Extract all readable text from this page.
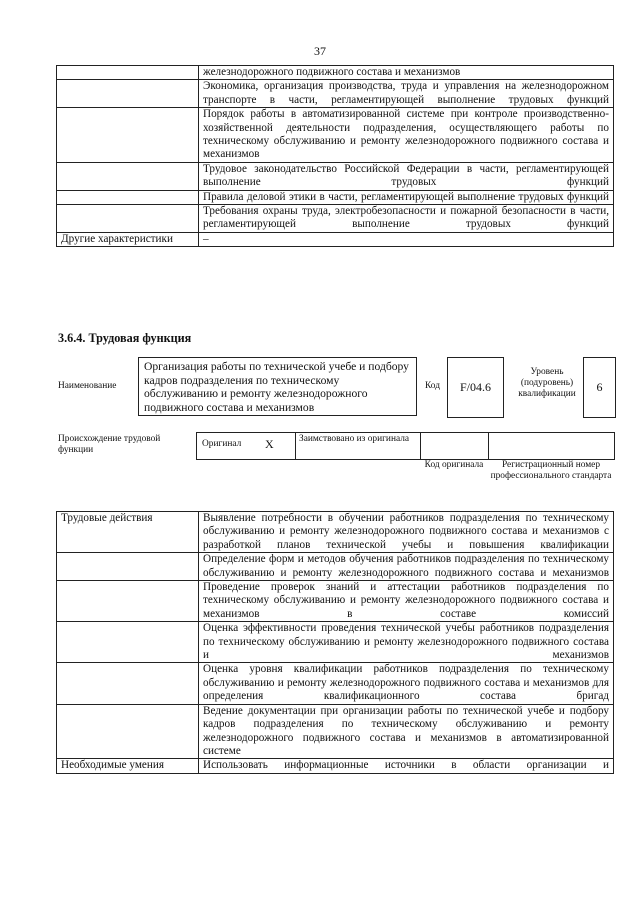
37
	железнодорожного подвижного состава и механизмов
	Экономика, организация производства, труда и управления на железнодорожном транспорте в части, регламентирующей выполнение трудовых функций
	Порядок работы в автоматизированной системе при контроле производственно-хозяйственной деятельности подразделения, осуществляющего работы по техническому обслуживанию и ремонту железнодорожного подвижного состава и механизмов
	Трудовое законодательство Российской Федерации в части, регламентирующей выполнение трудовых функций
	Правила деловой этики в части, регламентирующей выполнение трудовых функций
	Требования охраны труда, электробезопасности и пожарной безопасности в части, регламентирующей выполнение трудовых функций
Другие характеристики	–
3.6.4. Трудовая функция
Наименование
Организация работы по технической учебе и подбору кадров подразделения по техническому обслуживанию и ремонту железнодорожного подвижного состава и механизмов
Код	F/04.6
Уровень (подуровень) квалификации	6
Происхождение трудовой функции
Оригинал X	Заимствовано из оригинала
Код оригинала	Регистрационный номер профессионального стандарта
Трудовые действия	Выявление потребности в обучении работников подразделения по техническому обслуживанию и ремонту железнодорожного подвижного состава и механизмов с разработкой планов технической учебы и повышения квалификации
	Определение форм и методов обучения работников подразделения по техническому обслуживанию и ремонту железнодорожного подвижного состава и механизмов
	Проведение проверок знаний и аттестации работников подразделения по техническому обслуживанию и ремонту железнодорожного подвижного состава и механизмов в составе комиссий
	Оценка эффективности проведения технической учебы работников подразделения по техническому обслуживанию и ремонту железнодорожного подвижного состава и механизмов
	Оценка уровня квалификации работников подразделения по техническому обслуживанию и ремонту железнодорожного подвижного состава и механизмов для определения квалификационного состава бригад
	Ведение документации при организации работы по технической учебе и подбору кадров подразделения по техническому обслуживанию и ремонту железнодорожного подвижного состава и механизмов в автоматизированной системе
Необходимые умения	Использовать информационные источники в области организации и
